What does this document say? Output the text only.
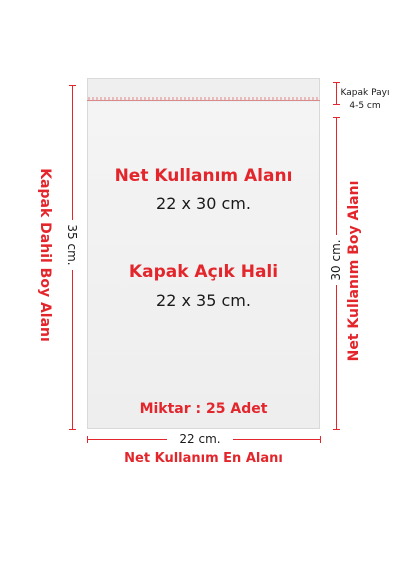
Net Kullanım Alanı
22 x 30 cm.
Kapak Açık Hali
22 x 35 cm.
Miktar : 25 Adet
35 cm.
Kapak Dahil Boy Alanı	30 cm. Net Kullanım Boy Alanı
Kapak Payı
4-5 cm
22 cm.
Net Kullanım En Alanı
